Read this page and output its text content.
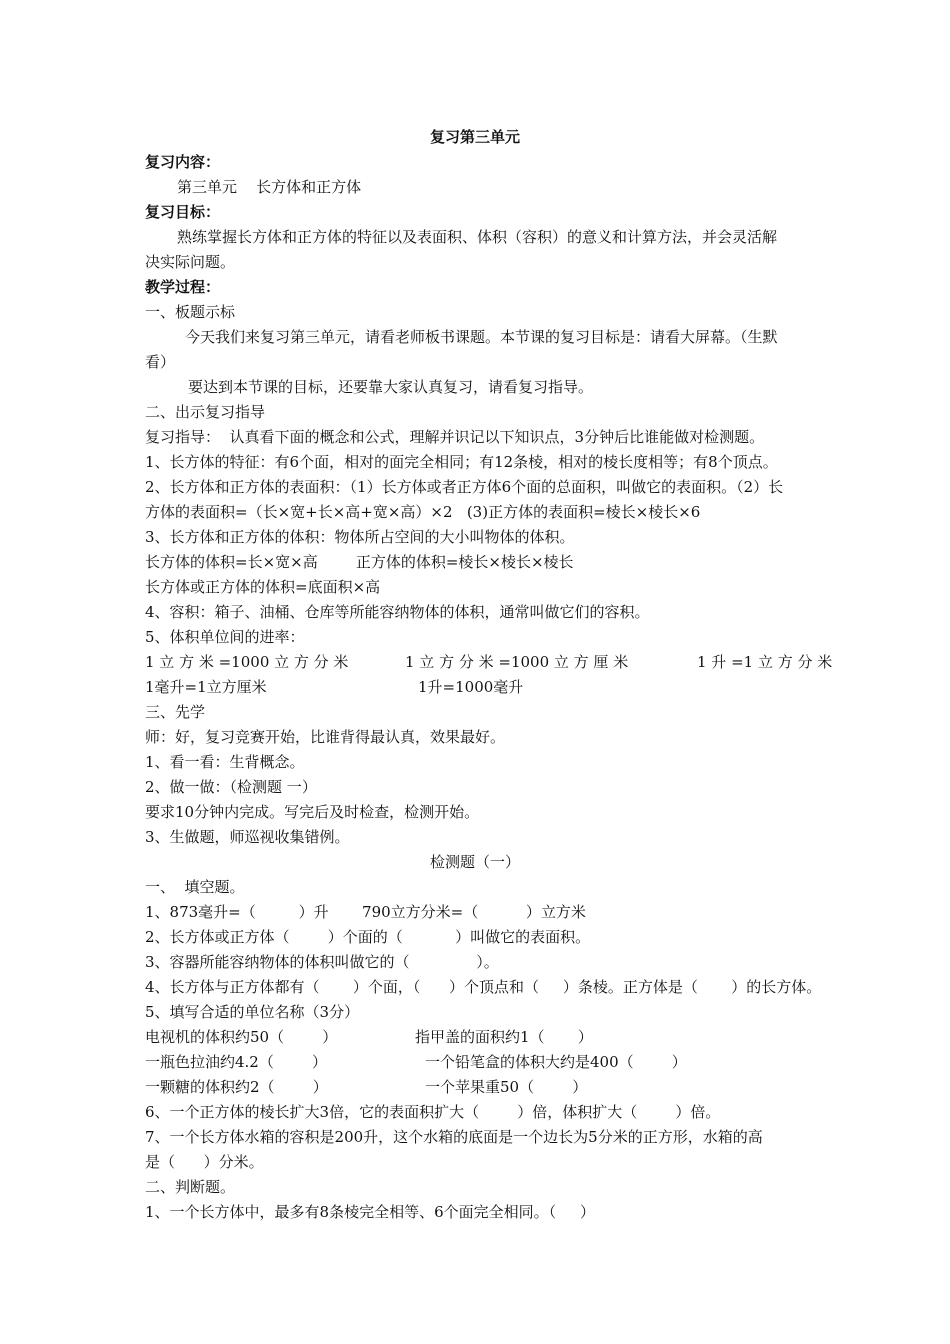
复习第三单元
复习内容：
第三单元    长方体和正方体
复习目标：
熟练掌握长方体和正方体的特征以及表面积、体积（容积）的意义和计算方法，并会灵活解
决实际问题。
教学过程：
一、板题示标
今天我们来复习第三单元，请看老师板书课题。本节课的复习目标是：请看大屏幕。（生默
看）
要达到本节课的目标，还要靠大家认真复习，请看复习指导。
二、出示复习指导
复习指导：  认真看下面的概念和公式，理解并识记以下知识点，3分钟后比谁能做对检测题。
1、长方体的特征：有6个面，相对的面完全相同；有12条棱，相对的棱长度相等；有8个顶点。
2、长方体和正方体的表面积：（1）长方体或者正方体6个面的总面积，叫做它的表面积。（2）长
方体的表面积=（长×宽+长×高+宽×高）×2   (3)正方体的表面积=棱长×棱长×6
3、长方体和正方体的体积：物体所占空间的大小叫物体的体积。
长方体的体积=长×宽×高        正方体的体积=棱长×棱长×棱长
长方体或正方体的体积=底面积×高
4、容积：箱子、油桶、仓库等所能容纳物体的体积，通常叫做它们的容积。
5、体积单位间的进率：
1 立 方 米 =1000 立 方 分 米	1 立 方 分 米 =1000 立 方 厘 米	1 升 =1 立 方 分 米
1毫升=1立方厘米	1升=1000毫升
三、先学
师：好，复习竞赛开始，比谁背得最认真，效果最好。
1、看一看：生背概念。
2、做一做：（检测题 一）
要求10分钟内完成。写完后及时检查，检测开始。
3、生做题，师巡视收集错例。
检测题（一）
一、  填空题。
1、873毫升=（         ）升       790立方分米=（          ）立方米
2、长方体或正方体（        ）个面的（           ）叫做它的表面积。
3、容器所能容纳物体的体积叫做它的（              ）。
4、长方体与正方体都有（       ）个面，（      ）个顶点和（     ）条棱。正方体是（       ）的长方体。
5、填写合适的单位名称（3分）
电视机的体积约50（        ）	指甲盖的面积约1（       ）
一瓶色拉油约4.2（        ）	一个铅笔盒的体积大约是400（        ）
一颗糖的体积约2（        ）	一个苹果重50（        ）
6、一个正方体的棱长扩大3倍，它的表面积扩大（        ）倍，体积扩大（        ）倍。
7、一个长方体水箱的容积是200升，这个水箱的底面是一个边长为5分米的正方形，水箱的高
是（      ）分米。
二、判断题。
1、一个长方体中，最多有8条棱完全相等、6个面完全相同。（     ）
